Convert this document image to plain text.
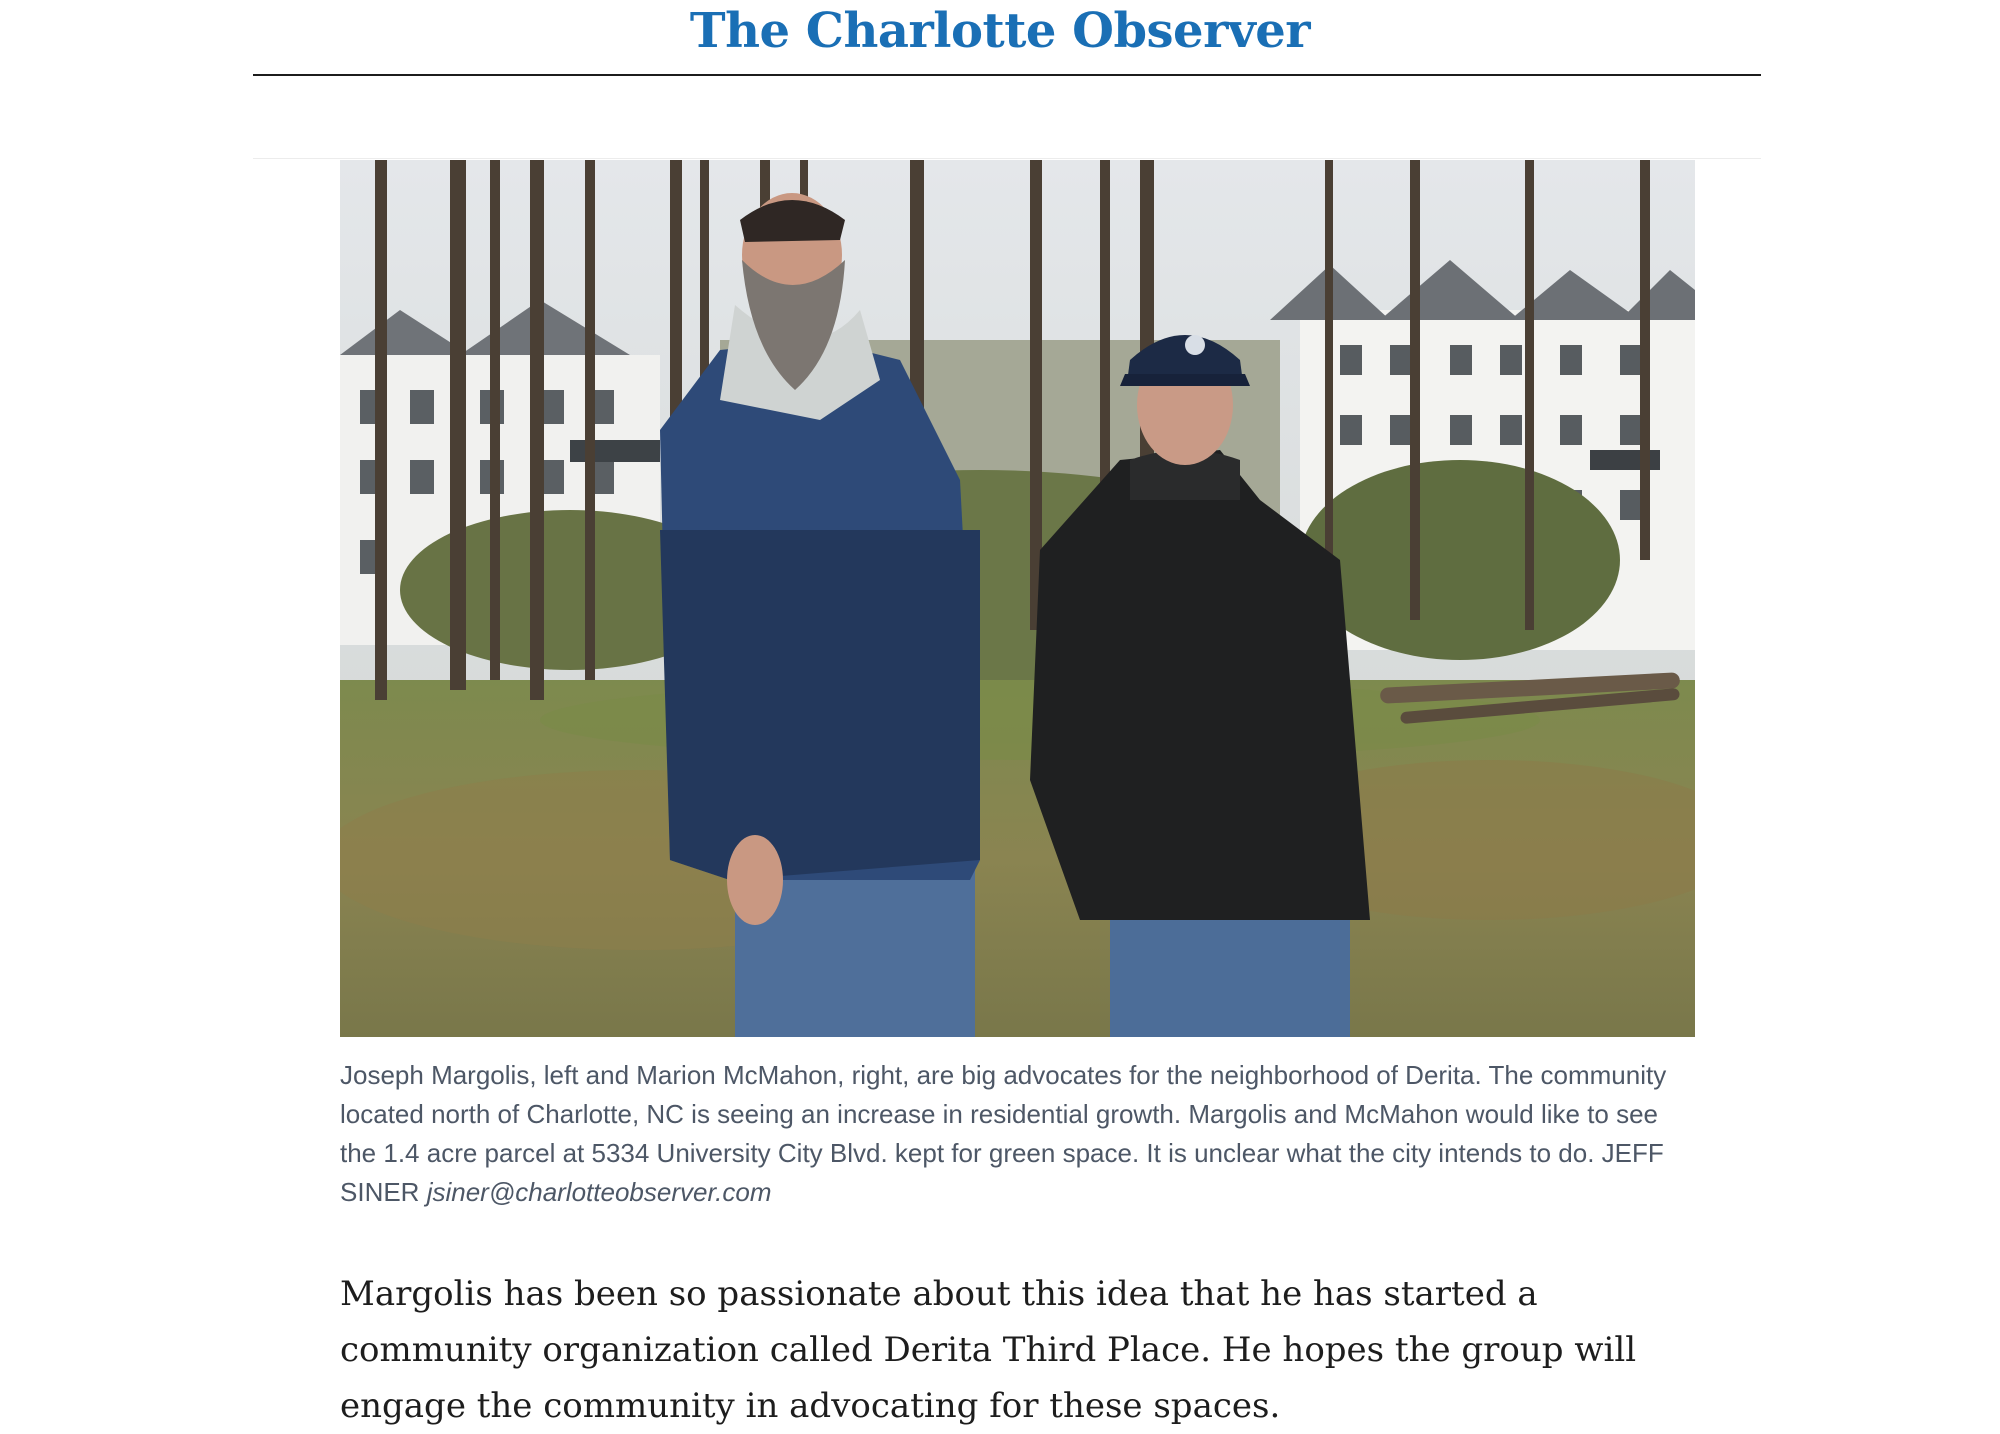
The Charlotte Observer

Joseph Margolis, left and Marion McMahon, right, are big advocates for the neighborhood of Derita. The community located north of Charlotte, NC is seeing an increase in residential growth. Margolis and McMahon would like to see the 1.4 acre parcel at 5334 University City Blvd. kept for green space. It is unclear what the city intends to do. JEFF SINER jsiner@charlotteobserver.com

Margolis has been so passionate about this idea that he has started a community organization called Derita Third Place. He hopes the group will engage the community in advocating for these spaces.
